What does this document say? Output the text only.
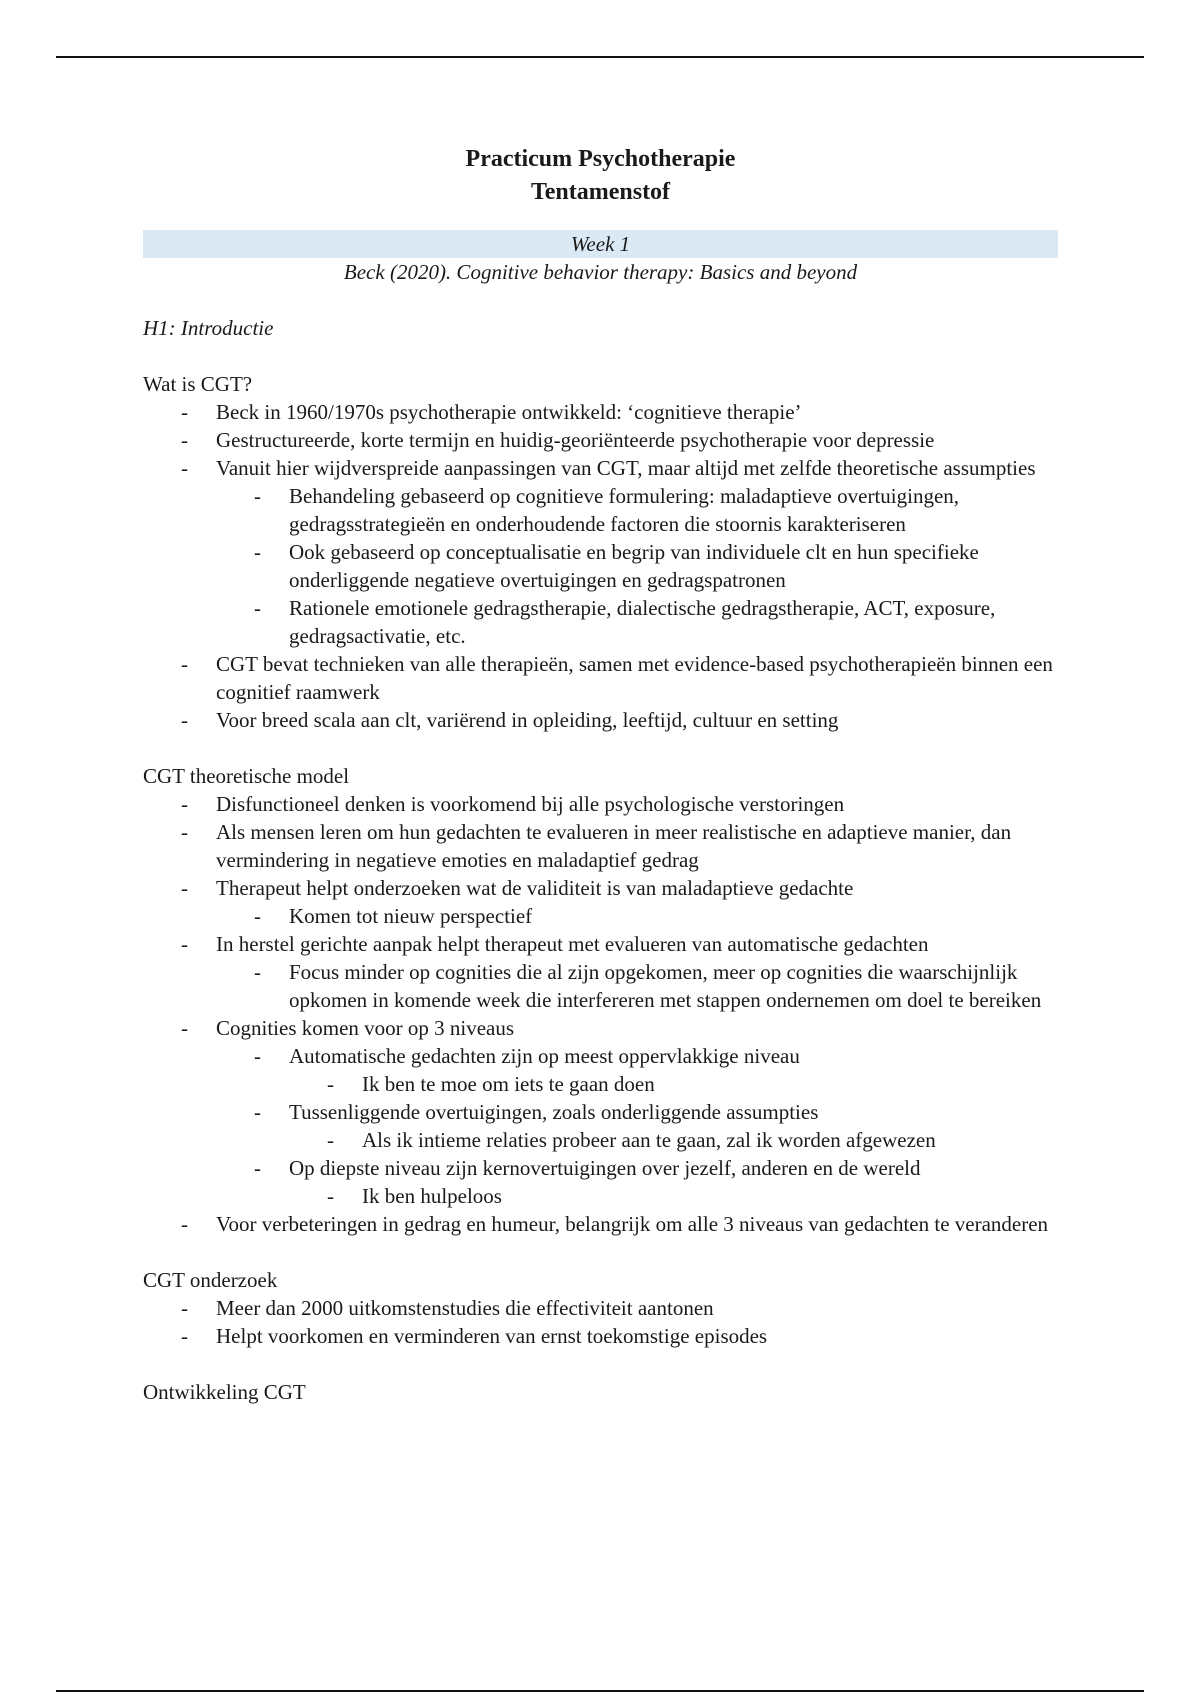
Practicum Psychotherapie
Tentamenstof
Week 1
Beck (2020). Cognitive behavior therapy: Basics and beyond
H1: Introductie
Wat is CGT?
- Beck in 1960/1970s psychotherapie ontwikkeld: ‘cognitieve therapie’
- Gestructureerde, korte termijn en huidig-georiënteerde psychotherapie voor depressie
- Vanuit hier wijdverspreide aanpassingen van CGT, maar altijd met zelfde theoretische assumpties
- Behandeling gebaseerd op cognitieve formulering: maladaptieve overtuigingen, gedragsstrategieën en onderhoudende factoren die stoornis karakteriseren
- Ook gebaseerd op conceptualisatie en begrip van individuele clt en hun specifieke onderliggende negatieve overtuigingen en gedragspatronen
- Rationele emotionele gedragstherapie, dialectische gedragstherapie, ACT, exposure, gedragsactivatie, etc.
- CGT bevat technieken van alle therapieën, samen met evidence-based psychotherapieën binnen een cognitief raamwerk
- Voor breed scala aan clt, variërend in opleiding, leeftijd, cultuur en setting
CGT theoretische model
- Disfunctioneel denken is voorkomend bij alle psychologische verstoringen
- Als mensen leren om hun gedachten te evalueren in meer realistische en adaptieve manier, dan vermindering in negatieve emoties en maladaptief gedrag
- Therapeut helpt onderzoeken wat de validiteit is van maladaptieve gedachte
- Komen tot nieuw perspectief
- In herstel gerichte aanpak helpt therapeut met evalueren van automatische gedachten
- Focus minder op cognities die al zijn opgekomen, meer op cognities die waarschijnlijk opkomen in komende week die interfereren met stappen ondernemen om doel te bereiken
- Cognities komen voor op 3 niveaus
- Automatische gedachten zijn op meest oppervlakkige niveau
- Ik ben te moe om iets te gaan doen
- Tussenliggende overtuigingen, zoals onderliggende assumpties
- Als ik intieme relaties probeer aan te gaan, zal ik worden afgewezen
- Op diepste niveau zijn kernovertuigingen over jezelf, anderen en de wereld
- Ik ben hulpeloos
- Voor verbeteringen in gedrag en humeur, belangrijk om alle 3 niveaus van gedachten te veranderen
CGT onderzoek
- Meer dan 2000 uitkomstenstudies die effectiviteit aantonen
- Helpt voorkomen en verminderen van ernst toekomstige episodes
Ontwikkeling CGT
